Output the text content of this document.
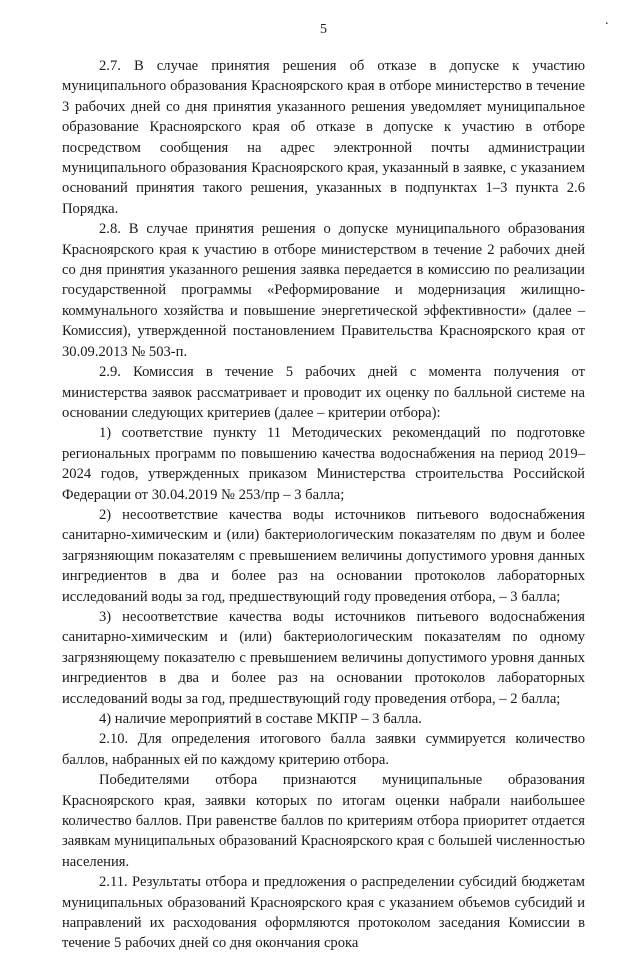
.
5

2.7. В случае принятия решения об отказе в допуске к участию муниципального образования Красноярского края в отборе министерство в течение 3 рабочих дней со дня принятия указанного решения уведомляет муниципальное образование Красноярского края об отказе в допуске к участию в отборе посредством сообщения на адрес электронной почты администрации муниципального образования Красноярского края, указанный в заявке, с указанием оснований принятия такого решения, указанных в подпунктах 1–3 пункта 2.6 Порядка.

2.8. В случае принятия решения о допуске муниципального образования Красноярского края к участию в отборе министерством в течение 2 рабочих дней со дня принятия указанного решения заявка передается в комиссию по реализации государственной программы «Реформирование и модернизация жилищно-коммунального хозяйства и повышение энергетической эффективности» (далее – Комиссия), утвержденной постановлением Правительства Красноярского края от 30.09.2013 № 503-п.

2.9. Комиссия в течение 5 рабочих дней с момента получения от министерства заявок рассматривает и проводит их оценку по балльной системе на основании следующих критериев (далее – критерии отбора):

1) соответствие пункту 11 Методических рекомендаций по подготовке региональных программ по повышению качества водоснабжения на период 2019–2024 годов, утвержденных приказом Министерства строительства Российской Федерации от 30.04.2019 № 253/пр – 3 балла;

2) несоответствие качества воды источников питьевого водоснабжения санитарно-химическим и (или) бактериологическим показателям по двум и более загрязняющим показателям с превышением величины допустимого уровня данных ингредиентов в два и более раз на основании протоколов лабораторных исследований воды за год, предшествующий году проведения отбора, – 3 балла;

3) несоответствие качества воды источников питьевого водоснабжения санитарно-химическим и (или) бактериологическим показателям по одному загрязняющему показателю с превышением величины допустимого уровня данных ингредиентов в два и более раз на основании протоколов лабораторных исследований воды за год, предшествующий году проведения отбора, – 2 балла;

4) наличие мероприятий в составе МКПР – 3 балла.

2.10. Для определения итогового балла заявки суммируется количество баллов, набранных ей по каждому критерию отбора.

Победителями отбора признаются муниципальные образования Красноярского края, заявки которых по итогам оценки набрали наибольшее количество баллов. При равенстве баллов по критериям отбора приоритет отдается заявкам муниципальных образований Красноярского края с большей численностью населения.

2.11. Результаты отбора и предложения о распределении субсидий бюджетам муниципальных образований Красноярского края с указанием объемов субсидий и направлений их расходования оформляются протоколом заседания Комиссии в течение 5 рабочих дней со дня окончания срока
